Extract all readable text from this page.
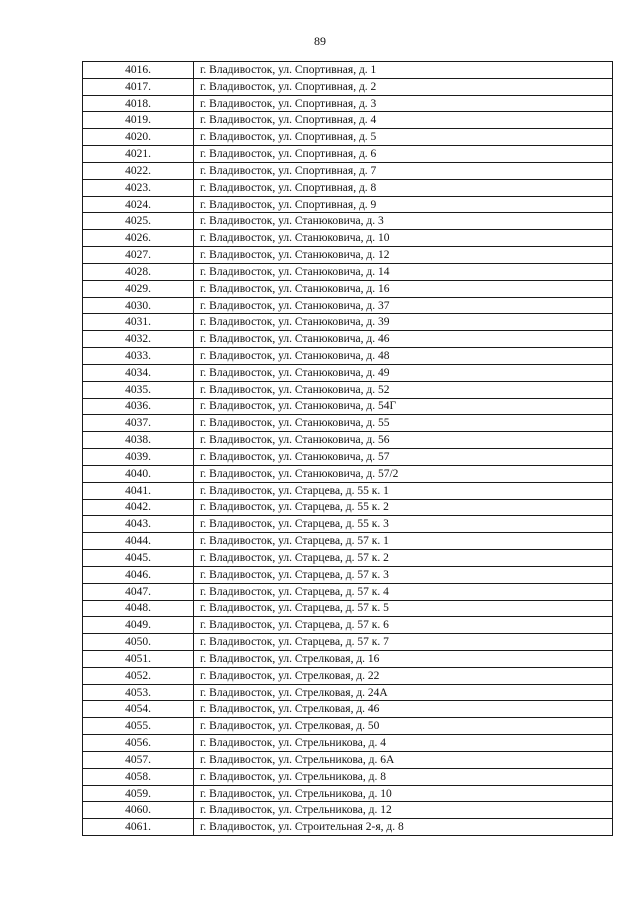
89
4016.	г. Владивосток, ул. Спортивная, д. 1
4017.	г. Владивосток, ул. Спортивная, д. 2
4018.	г. Владивосток, ул. Спортивная, д. 3
4019.	г. Владивосток, ул. Спортивная, д. 4
4020.	г. Владивосток, ул. Спортивная, д. 5
4021.	г. Владивосток, ул. Спортивная, д. 6
4022.	г. Владивосток, ул. Спортивная, д. 7
4023.	г. Владивосток, ул. Спортивная, д. 8
4024.	г. Владивосток, ул. Спортивная, д. 9
4025.	г. Владивосток, ул. Станюковича, д. 3
4026.	г. Владивосток, ул. Станюковича, д. 10
4027.	г. Владивосток, ул. Станюковича, д. 12
4028.	г. Владивосток, ул. Станюковича, д. 14
4029.	г. Владивосток, ул. Станюковича, д. 16
4030.	г. Владивосток, ул. Станюковича, д. 37
4031.	г. Владивосток, ул. Станюковича, д. 39
4032.	г. Владивосток, ул. Станюковича, д. 46
4033.	г. Владивосток, ул. Станюковича, д. 48
4034.	г. Владивосток, ул. Станюковича, д. 49
4035.	г. Владивосток, ул. Станюковича, д. 52
4036.	г. Владивосток, ул. Станюковича, д. 54Г
4037.	г. Владивосток, ул. Станюковича, д. 55
4038.	г. Владивосток, ул. Станюковича, д. 56
4039.	г. Владивосток, ул. Станюковича, д. 57
4040.	г. Владивосток, ул. Станюковича, д. 57/2
4041.	г. Владивосток, ул. Старцева, д. 55 к. 1
4042.	г. Владивосток, ул. Старцева, д. 55 к. 2
4043.	г. Владивосток, ул. Старцева, д. 55 к. 3
4044.	г. Владивосток, ул. Старцева, д. 57 к. 1
4045.	г. Владивосток, ул. Старцева, д. 57 к. 2
4046.	г. Владивосток, ул. Старцева, д. 57 к. 3
4047.	г. Владивосток, ул. Старцева, д. 57 к. 4
4048.	г. Владивосток, ул. Старцева, д. 57 к. 5
4049.	г. Владивосток, ул. Старцева, д. 57 к. 6
4050.	г. Владивосток, ул. Старцева, д. 57 к. 7
4051.	г. Владивосток, ул. Стрелковая, д. 16
4052.	г. Владивосток, ул. Стрелковая, д. 22
4053.	г. Владивосток, ул. Стрелковая, д. 24А
4054.	г. Владивосток, ул. Стрелковая, д. 46
4055.	г. Владивосток, ул. Стрелковая, д. 50
4056.	г. Владивосток, ул. Стрельникова, д. 4
4057.	г. Владивосток, ул. Стрельникова, д. 6А
4058.	г. Владивосток, ул. Стрельникова, д. 8
4059.	г. Владивосток, ул. Стрельникова, д. 10
4060.	г. Владивосток, ул. Стрельникова, д. 12
4061.	г. Владивосток, ул. Строительная 2-я, д. 8
